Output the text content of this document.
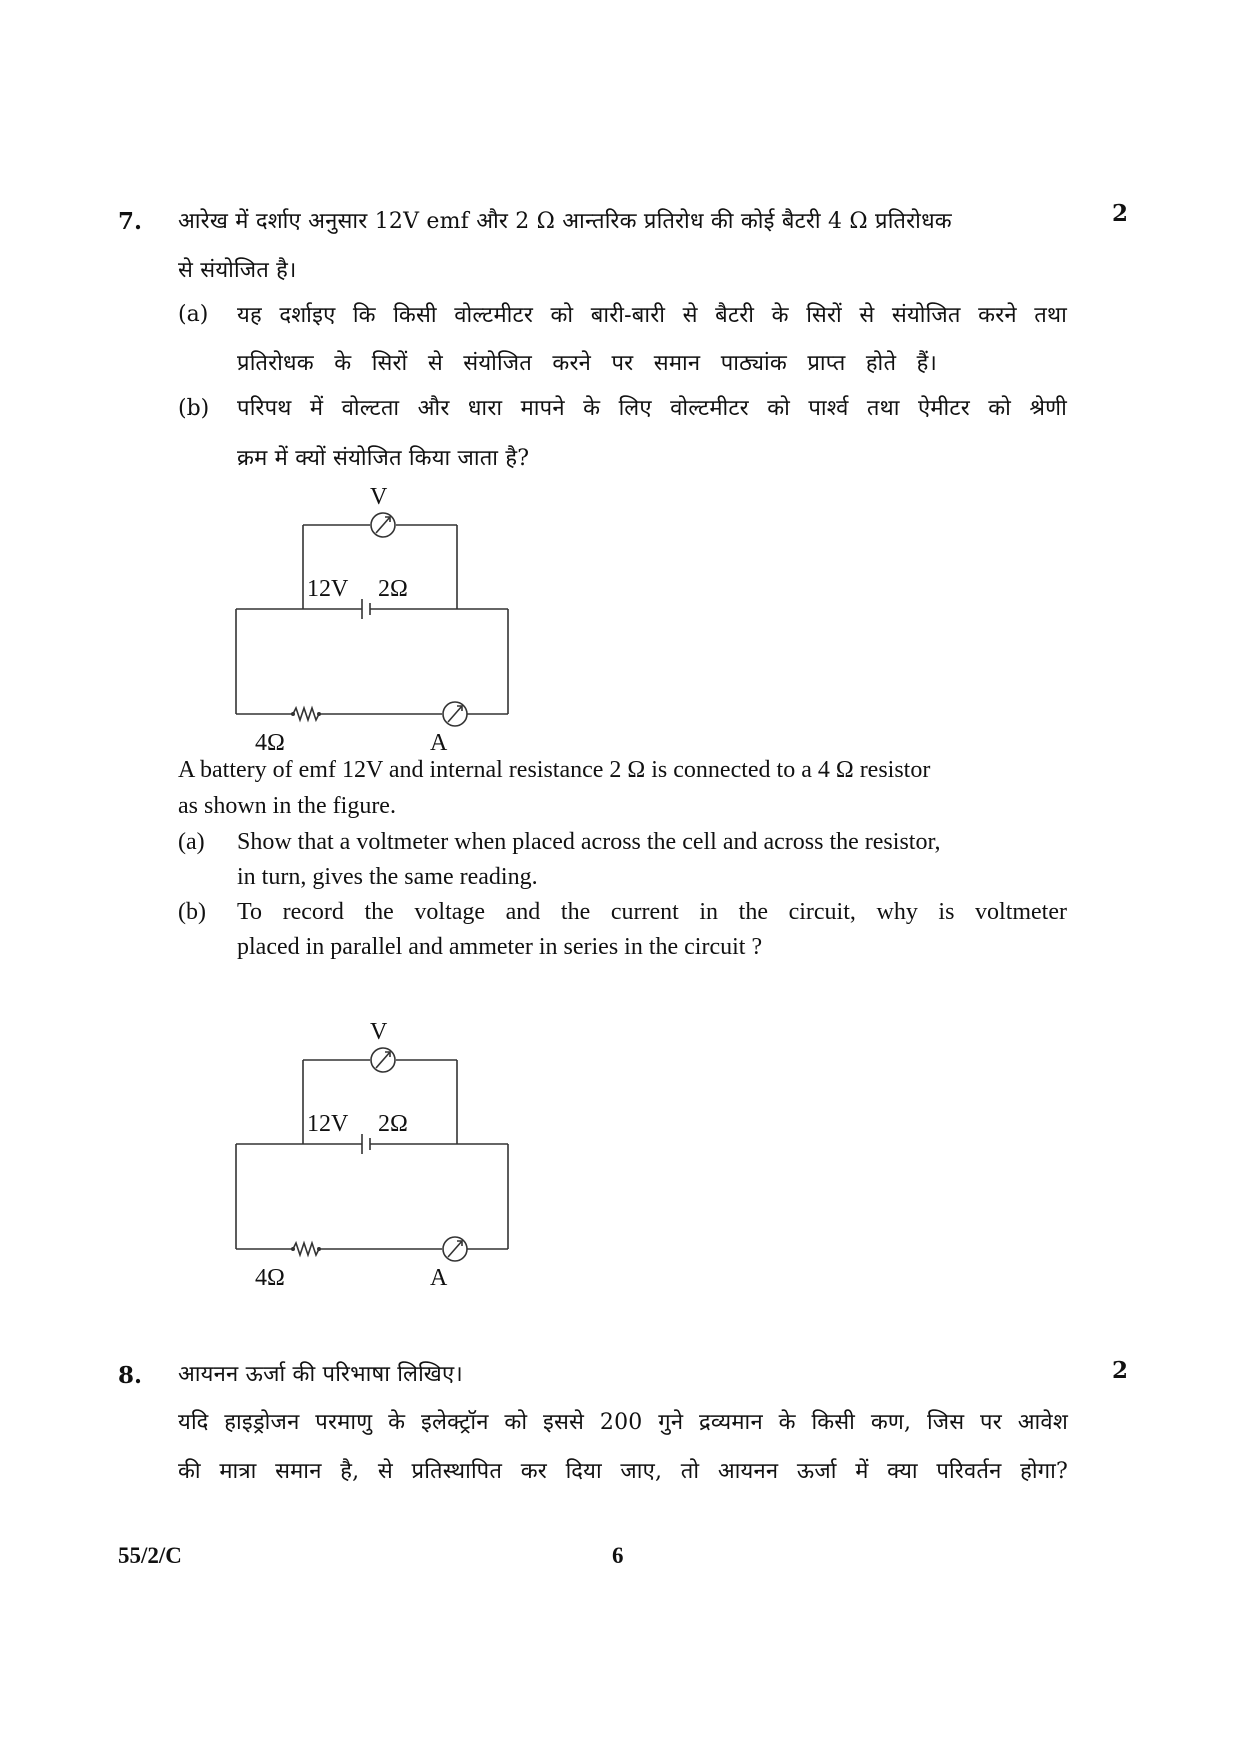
7.	2
आरेख में दर्शाए अनुसार 12V emf और 2 Ω आन्तरिक प्रतिरोध की कोई बैटरी 4 Ω प्रतिरोधक
से संयोजित है।
(a) यह दर्शाइए कि किसी वोल्टमीटर को बारी-बारी से बैटरी के सिरों से संयोजित करने तथा
प्रतिरोधक के सिरों से संयोजित करने पर समान पाठ्यांक प्राप्त होते हैं।
(b) परिपथ में वोल्टता और धारा मापने के लिए वोल्टमीटर को पार्श्व तथा ऐमीटर को श्रेणी
क्रम में क्यों संयोजित किया जाता है?
V
12V 2Ω
4Ω	A
A battery of emf 12V and internal resistance 2 Ω is connected to a 4 Ω resistor
as shown in the figure.
(a) Show that a voltmeter when placed across the cell and across the resistor,
in turn, gives the same reading.
(b) To record the voltage and the current in the circuit, why is voltmeter
placed in parallel and ammeter in series in the circuit ?
V
12V 2Ω
4Ω	A
8.	2
आयनन ऊर्जा की परिभाषा लिखिए।
यदि हाइड्रोजन परमाणु के इलेक्ट्रॉन को इससे 200 गुने द्रव्यमान के किसी कण, जिस पर आवेश
की मात्रा समान है, से प्रतिस्थापित कर दिया जाए, तो आयनन ऊर्जा में क्या परिवर्तन होगा?
55/2/C	6
